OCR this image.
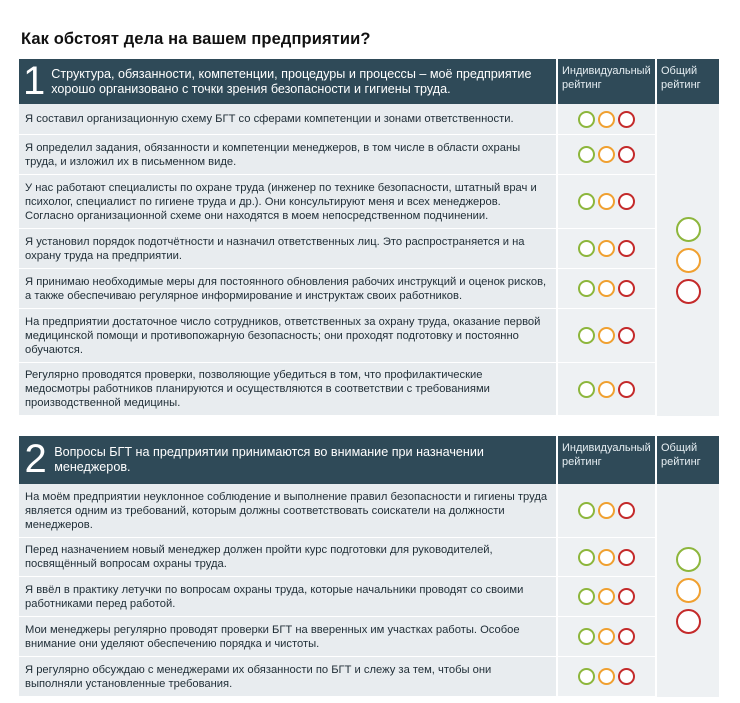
Как обстоят дела на вашем предприятии?
1 Структура, обязанности, компетенции, процедуры и процессы – моё предприятие хорошо организовано с точки зрения безопасности и гигиены труда.
Индивидуальный рейтинг
Общий рейтинг
Я составил организационную схему БГТ со сферами компетенции и зонами ответственности.
Я определил задания, обязанности и компетенции менеджеров, в том числе в области охраны труда, и изложил их в письменном виде.
У нас работают специалисты по охране труда (инженер по технике безопасности, штатный врач и психолог, специалист по гигиене труда и др.). Они консультируют меня и всех менеджеров. Согласно организационной схеме они находятся в моем непосредственном подчинении.
Я установил порядок подотчётности и назначил ответственных лиц. Это распространяется и на охрану труда на предприятии.
Я принимаю необходимые меры для постоянного обновления рабочих инструкций и оценок рисков, а также обеспечиваю регулярное информирование и инструктаж своих работников.
На предприятии достаточное число сотрудников, ответственных за охрану труда, оказание первой медицинской помощи и противопожарную безопасность; они проходят подготовку и постоянно обучаются.
Регулярно проводятся проверки, позволяющие убедиться в том, что профилактические медосмотры работников планируются и осуществляются в соответствии с требованиями производственной медицины.
2 Вопросы БГТ на предприятии принимаются во внимание при назначении менеджеров.
Индивидуальный рейтинг
Общий рейтинг
На моём предприятии неуклонное соблюдение и выполнение правил безопасности и гигиены труда является одним из требований, которым должны соответствовать соискатели на должности менеджеров.
Перед назначением новый менеджер должен пройти курс подготовки для руководителей, посвящённый вопросам охраны труда.
Я ввёл в практику летучки по вопросам охраны труда, которые начальники проводят со своими работниками перед работой.
Мои менеджеры регулярно проводят проверки БГТ на вверенных им участках работы. Особое внимание они уделяют обеспечению порядка и чистоты.
Я регулярно обсуждаю с менеджерами их обязанности по БГТ и слежу за тем, чтобы они выполняли установленные требования.
